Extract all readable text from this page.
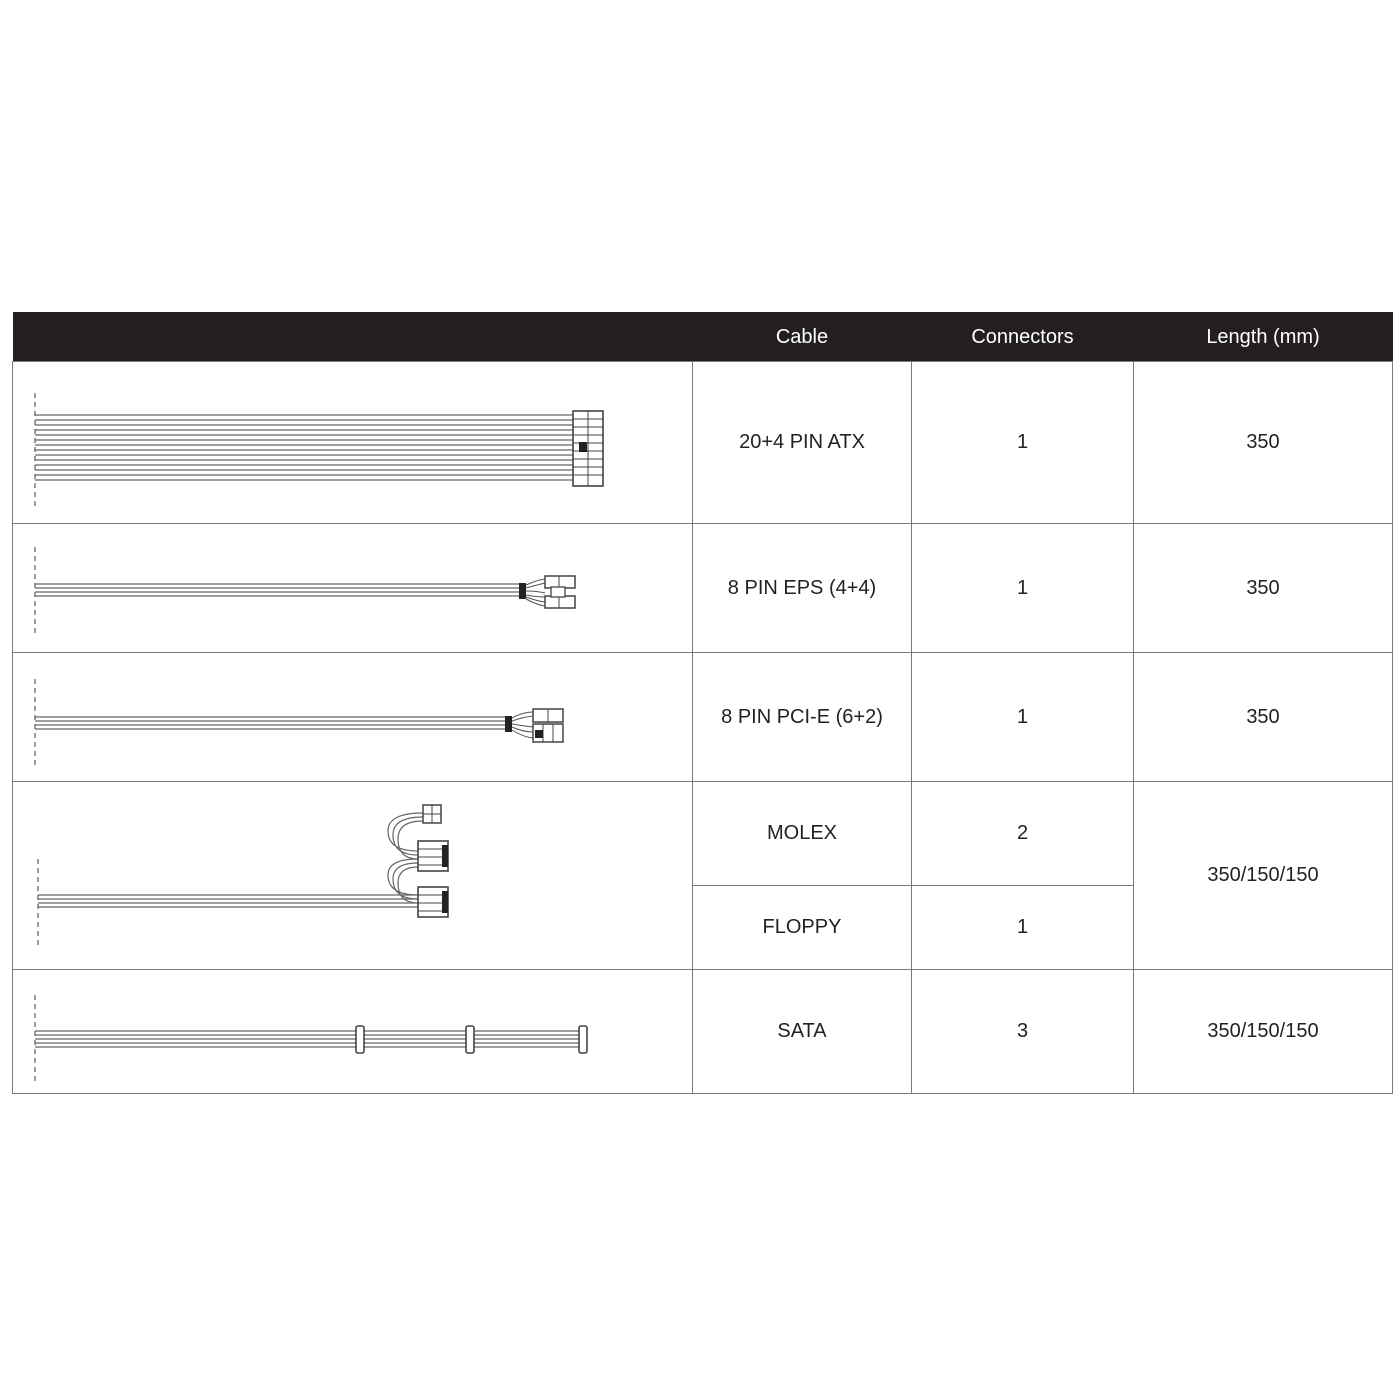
	Cable	Connectors	Length (mm)

	20+4 PIN ATX	1	350

	8 PIN EPS (4+4)	1	350

	8 PIN PCI-E (6+2)	1	350

	MOLEX	2	350/150/150
	FLOPPY	1	

	SATA	3	350/150/150
